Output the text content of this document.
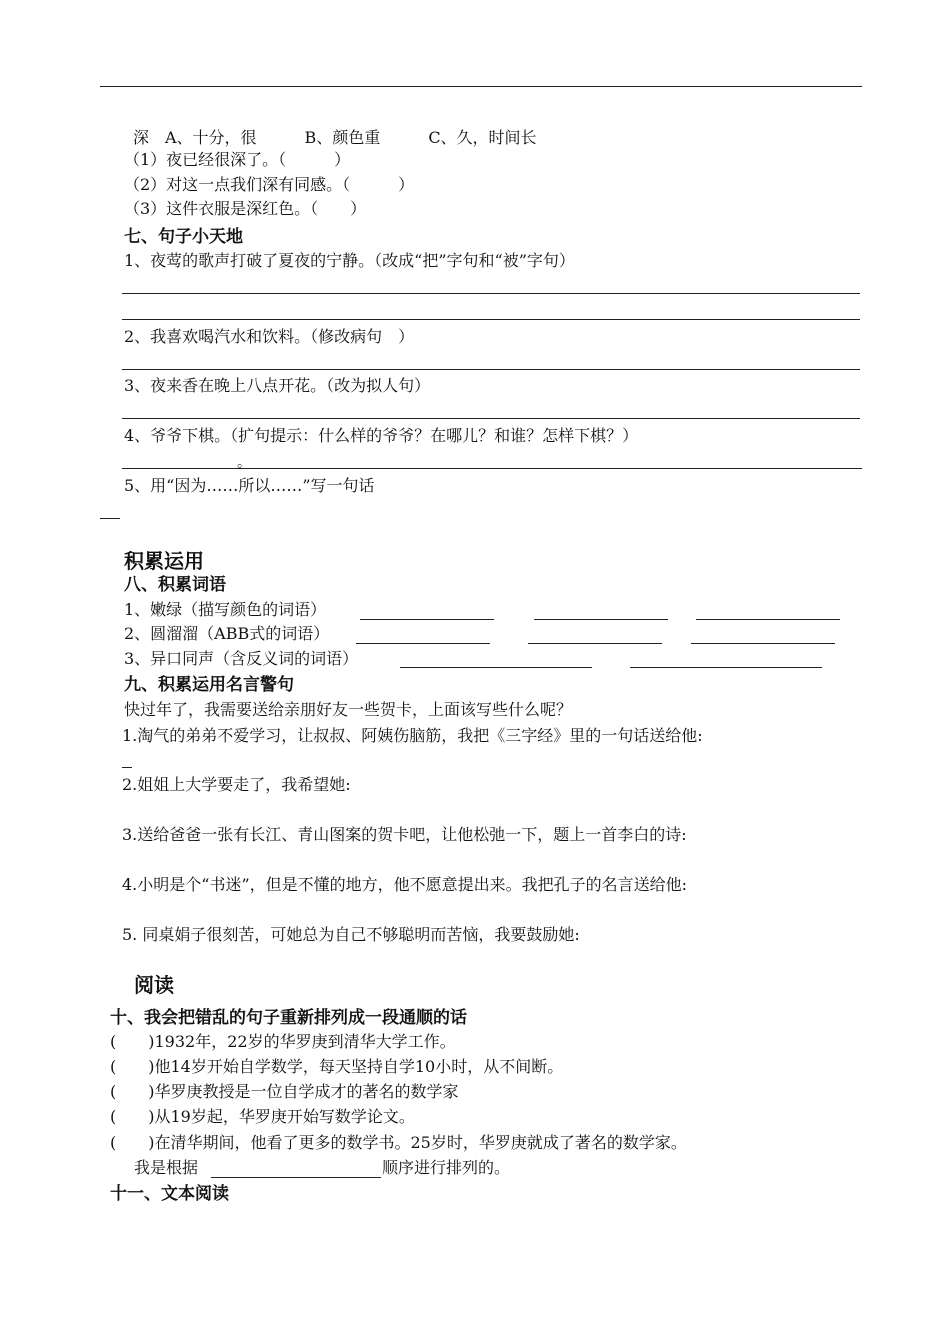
深　A、十分，很　　　B、颜色重　　　C、久，时间长
（1）夜已经很深了。（　　　）
（2）对这一点我们深有同感。（　　　）
（3）这件衣服是深红色。（　　）
七、句子小天地
1、夜莺的歌声打破了夏夜的宁静。（改成“把”字句和“被”字句）
2、我喜欢喝汽水和饮料。（修改病句　）
3、夜来香在晚上八点开花。（改为拟人句）
4、爷爷下棋。（扩句提示：什么样的爷爷？在哪儿？和谁？怎样下棋？）
。
5、用“因为……所以……”写一句话
积累运用
八、积累词语
1、嫩绿（描写颜色的词语）
2、圆溜溜（ABB式的词语）
3、异口同声（含反义词的词语）
九、积累运用名言警句
快过年了，我需要送给亲朋好友一些贺卡，上面该写些什么呢？
1.淘气的弟弟不爱学习，让叔叔、阿姨伤脑筋，我把《三字经》里的一句话送给他:
2.姐姐上大学要走了，我希望她:
3.送给爸爸一张有长江、青山图案的贺卡吧，让他松弛一下，题上一首李白的诗:
4.小明是个“书迷”，但是不懂的地方，他不愿意提出来。我把孔子的名言送给他:
5. 同桌娟子很刻苦，可她总为自己不够聪明而苦恼，我要鼓励她:
阅读
十、我会把错乱的句子重新排列成一段通顺的话
(　　)1932年，22岁的华罗庚到清华大学工作。
(　　)他14岁开始自学数学，每天坚持自学10小时，从不间断。
(　　)华罗庚教授是一位自学成才的著名的数学家
(　　)从19岁起，华罗庚开始写数学论文。
(　　)在清华期间，他看了更多的数学书。25岁时，华罗庚就成了著名的数学家。
我是根据	顺序进行排列的。
十一、文本阅读
